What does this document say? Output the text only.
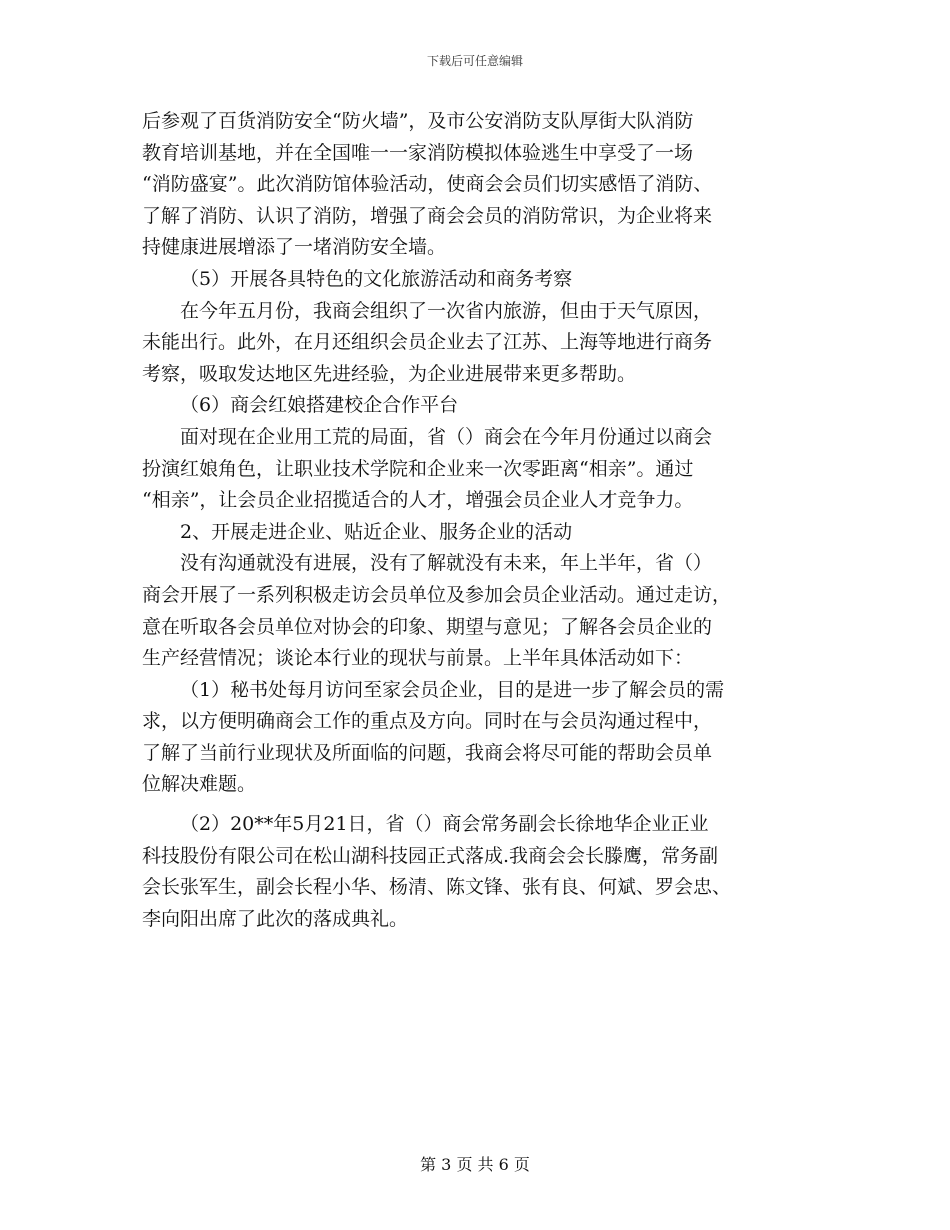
下载后可任意编辑

后参观了百货消防安全“防火墙”，及市公安消防支队厚街大队消防
教育培训基地，并在全国唯一一家消防模拟体验逃生中享受了一场
“消防盛宴”。此次消防馆体验活动，使商会会员们切实感悟了消防、
了解了消防、认识了消防，增强了商会会员的消防常识，为企业将来
持健康进展增添了一堵消防安全墙。

（5）开展各具特色的文化旅游活动和商务考察

在今年五月份，我商会组织了一次省内旅游，但由于天气原因，
未能出行。此外，在月还组织会员企业去了江苏、上海等地进行商务
考察，吸取发达地区先进经验，为企业进展带来更多帮助。

（6）商会红娘搭建校企合作平台

面对现在企业用工荒的局面，省（）商会在今年月份通过以商会
扮演红娘角色，让职业技术学院和企业来一次零距离“相亲”。通过
“相亲”，让会员企业招揽适合的人才，增强会员企业人才竞争力。

2、开展走进企业、贴近企业、服务企业的活动

没有沟通就没有进展，没有了解就没有未来，年上半年，省（）
商会开展了一系列积极走访会员单位及参加会员企业活动。通过走访，
意在听取各会员单位对协会的印象、期望与意见；了解各会员企业的
生产经营情况；谈论本行业的现状与前景。上半年具体活动如下：

（1）秘书处每月访问至家会员企业，目的是进一步了解会员的需
求，以方便明确商会工作的重点及方向。同时在与会员沟通过程中，
了解了当前行业现状及所面临的问题，我商会将尽可能的帮助会员单
位解决难题。

（2）20**年5月21日，省（）商会常务副会长徐地华企业正业
科技股份有限公司在松山湖科技园正式落成.我商会会长滕鹰，常务副
会长张军生，副会长程小华、杨清、陈文锋、张有良、何斌、罗会忠、
李向阳出席了此次的落成典礼。

第 3 页 共 6 页
